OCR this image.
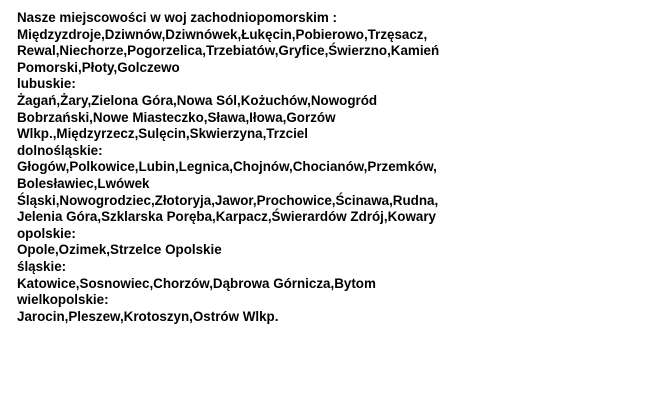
Nasze miejscowości w woj zachodniopomorskim :
Międzyzdroje,Dziwnów,Dziwnówek,Łukęcin,Pobierowo,Trzęsacz,
Rewal,Niechorze,Pogorzelica,Trzebiatów,Gryfice,Świerzno,Kamień
Pomorski,Płoty,Golczewo
lubuskie:
Żagań,Żary,Zielona Góra,Nowa Sól,Kożuchów,Nowogród
Bobrzański,Nowe Miasteczko,Sława,Iłowa,Gorzów
Wlkp.,Międzyrzecz,Sulęcin,Skwierzyna,Trzciel
dolnośląskie:
Głogów,Polkowice,Lubin,Legnica,Chojnów,Chocianów,Przemków,
Bolesławiec,Lwówek
Śląski,Nowogrodziec,Złotoryja,Jawor,Prochowice,Ścinawa,Rudna,
Jelenia Góra,Szklarska Poręba,Karpacz,Świerardów Zdrój,Kowary
opolskie:
Opole,Ozimek,Strzelce Opolskie
śląskie:
Katowice,Sosnowiec,Chorzów,Dąbrowa Górnicza,Bytom
wielkopolskie:
Jarocin,Pleszew,Krotoszyn,Ostrów Wlkp.
